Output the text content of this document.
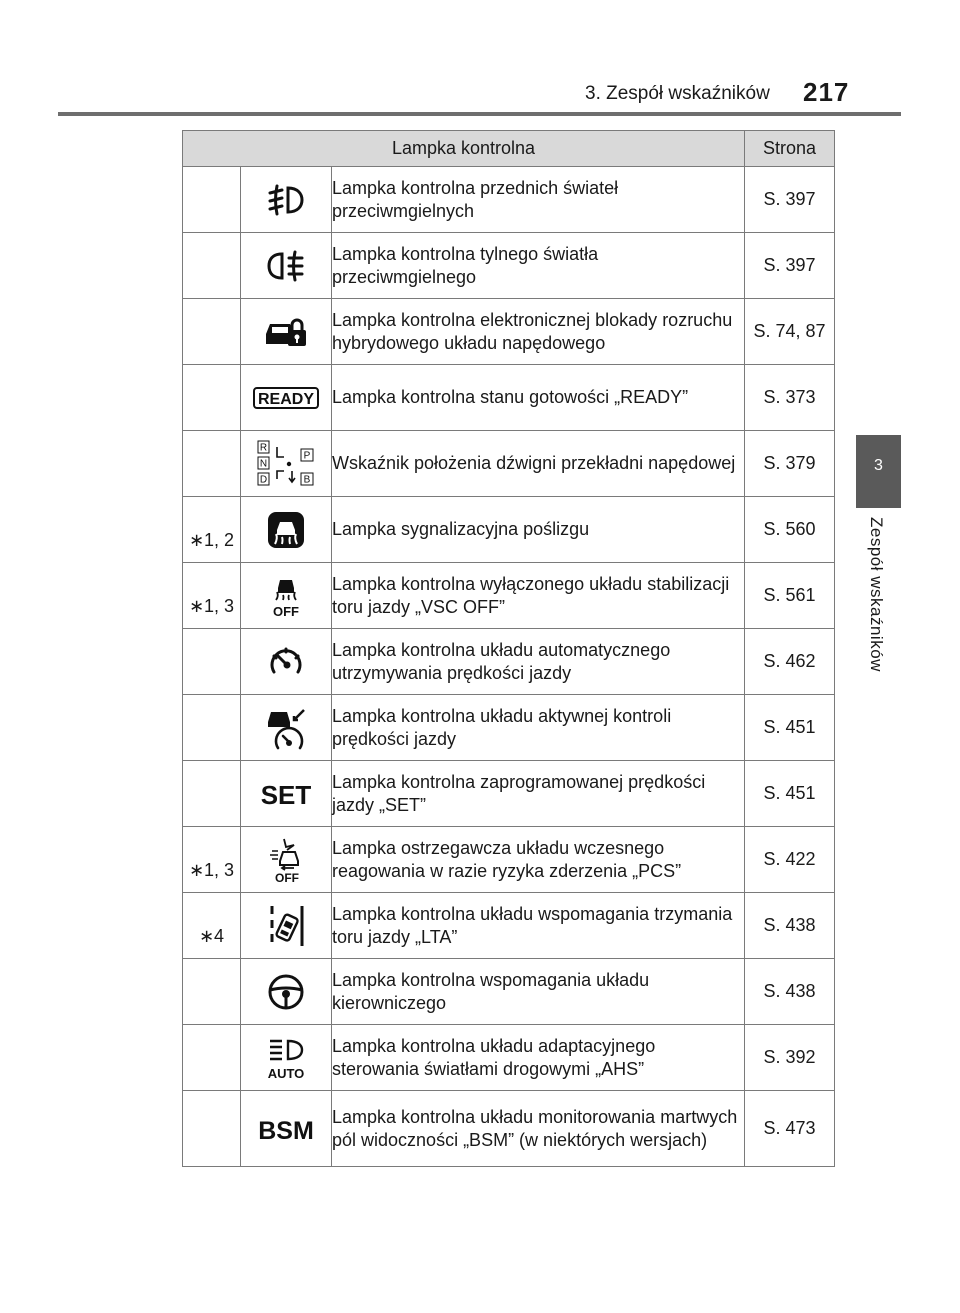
3. Zespół wskaźników 217
3
Zespół wskaźników
Lampka kontrolna			Strona

	Lampka kontrolna przednich świateł przeciwmgielnych	S. 397

	Lampka kontrolna tylnego światła przeciwmgielnego	S. 397

	Lampka kontrolna elektronicznej blokady rozruchu hybrydowego układu napędowego	S. 74, 87

READY	Lampka kontrolna stanu gotowości „READY”	S. 373

R
N
D
P
B	Wskaźnik położenia dźwigni przekładni napędowej	S. 379

∗1, 2		Lampka sygnalizacyjna poślizgu	S. 560

∗1, 3	OFF	Lampka kontrolna wyłączonego układu stabilizacji toru jazdy „VSC OFF”	S. 561

	Lampka kontrolna układu automatycznego utrzymywania prędkości jazdy	S. 462

	Lampka kontrolna układu aktywnej kontroli prędkości jazdy	S. 451

SET	Lampka kontrolna zaprogramowanej prędkości jazdy „SET”	S. 451

∗1, 3	OFF	Lampka ostrzegawcza układu wczesnego reagowania w razie ryzyka zderzenia „PCS”	S. 422

∗4		Lampka kontrolna układu wspomagania trzymania toru jazdy „LTA”	S. 438

	Lampka kontrolna wspomagania układu kierowniczego	S. 438

AUTO	Lampka kontrolna układu adaptacyjnego sterowania światłami drogowymi „AHS”	S. 392

BSM	Lampka kontrolna układu monitorowania martwych pól widoczności „BSM” (w niektórych wersjach)	S. 473
